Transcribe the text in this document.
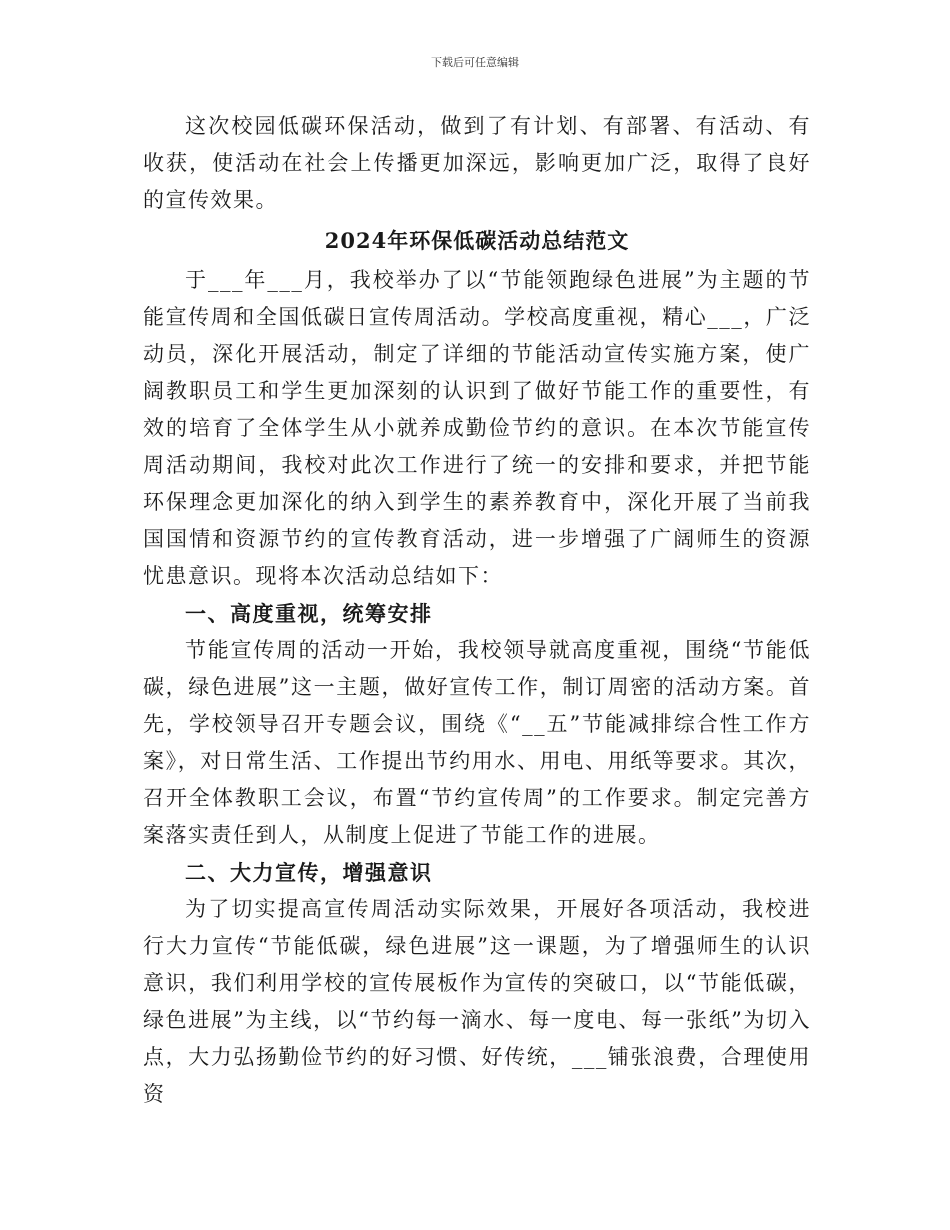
下载后可任意编辑

这次校园低碳环保活动，做到了有计划、有部署、有活动、有收获，使活动在社会上传播更加深远，影响更加广泛，取得了良好的宣传效果。

2024年环保低碳活动总结范文

于___年___月，我校举办了以“节能领跑绿色进展”为主题的节能宣传周和全国低碳日宣传周活动。学校高度重视，精心___，广泛动员，深化开展活动，制定了详细的节能活动宣传实施方案，使广阔教职员工和学生更加深刻的认识到了做好节能工作的重要性，有效的培育了全体学生从小就养成勤俭节约的意识。在本次节能宣传周活动期间，我校对此次工作进行了统一的安排和要求，并把节能环保理念更加深化的纳入到学生的素养教育中，深化开展了当前我国国情和资源节约的宣传教育活动，进一步增强了广阔师生的资源忧患意识。现将本次活动总结如下：

一、高度重视，统筹安排

节能宣传周的活动一开始，我校领导就高度重视，围绕“节能低碳，绿色进展”这一主题，做好宣传工作，制订周密的活动方案。首先，学校领导召开专题会议，围绕《“__五”节能减排综合性工作方案》，对日常生活、工作提出节约用水、用电、用纸等要求。其次，召开全体教职工会议，布置“节约宣传周”的工作要求。制定完善方案落实责任到人，从制度上促进了节能工作的进展。

二、大力宣传，增强意识

为了切实提高宣传周活动实际效果，开展好各项活动，我校进行大力宣传“节能低碳，绿色进展”这一课题，为了增强师生的认识意识，我们利用学校的宣传展板作为宣传的突破口，以“节能低碳，绿色进展”为主线，以“节约每一滴水、每一度电、每一张纸”为切入点，大力弘扬勤俭节约的好习惯、好传统，___铺张浪费，合理使用资
